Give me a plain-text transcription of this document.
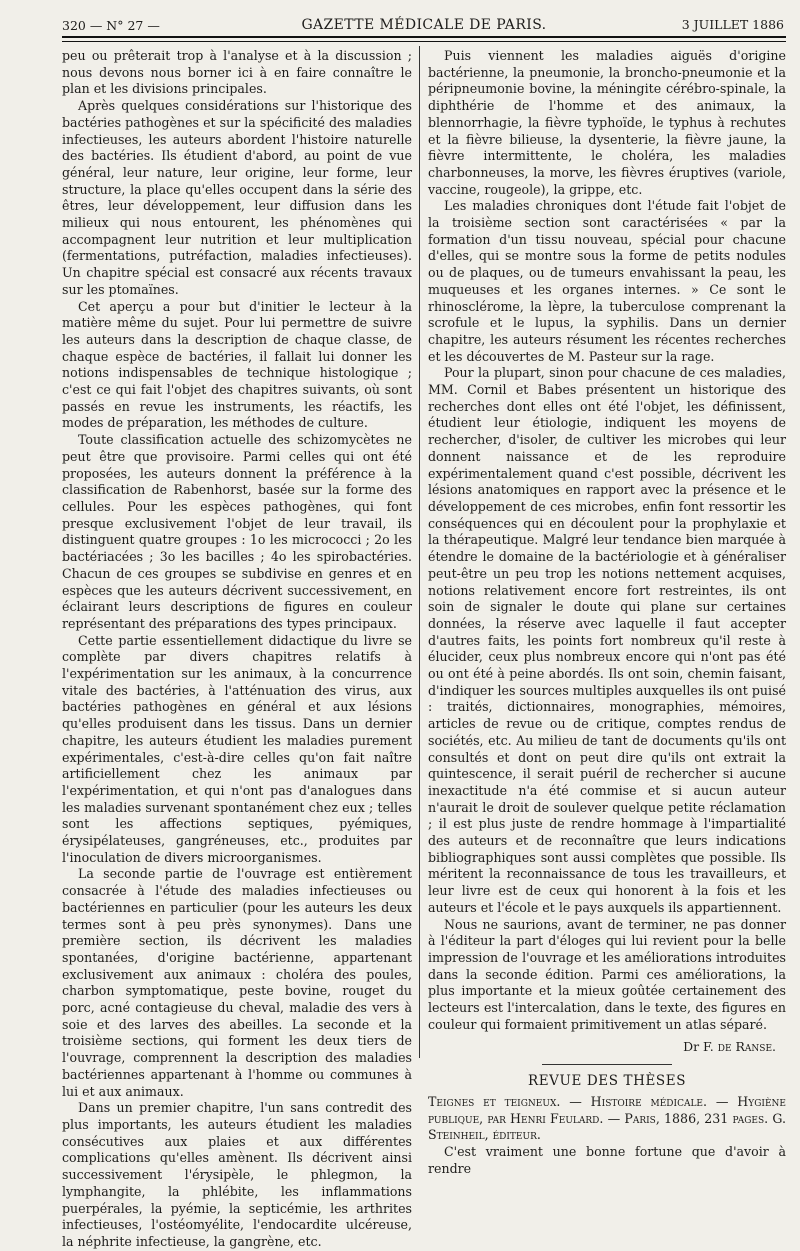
320 — N° 27 —	GAZETTE MÉDICALE DE PARIS.	3 JUILLET 1886

peu ou prêterait trop à l'analyse et à la discussion ; nous devons nous borner ici à en faire connaître le plan et les divisions principales.

Après quelques considérations sur l'historique des bactéries pathogènes et sur la spécificité des maladies infectieuses, les auteurs abordent l'histoire naturelle des bactéries. Ils étudient d'abord, au point de vue général, leur nature, leur origine, leur forme, leur structure, la place qu'elles occupent dans la série des êtres, leur développement, leur diffusion dans les milieux qui nous entourent, les phénomènes qui accompagnent leur nutrition et leur multiplication (fermentations, putréfaction, maladies infectieuses). Un chapitre spécial est consacré aux récents travaux sur les ptomaïnes.

Cet aperçu a pour but d'initier le lecteur à la matière même du sujet. Pour lui permettre de suivre les auteurs dans la description de chaque classe, de chaque espèce de bactéries, il fallait lui donner les notions indispensables de technique histologique ; c'est ce qui fait l'objet des chapitres suivants, où sont passés en revue les instruments, les réactifs, les modes de préparation, les méthodes de culture.

Toute classification actuelle des schizomycètes ne peut être que provisoire. Parmi celles qui ont été proposées, les auteurs donnent la préférence à la classification de Rabenhorst, basée sur la forme des cellules. Pour les espèces pathogènes, qui font presque exclusivement l'objet de leur travail, ils distinguent quatre groupes : 1o les micrococci ; 2o les bactériacées ; 3o les bacilles ; 4o les spirobactéries. Chacun de ces groupes se subdivise en genres et en espèces que les auteurs décrivent successivement, en éclairant leurs descriptions de figures en couleur représentant des préparations des types principaux.

Cette partie essentiellement didactique du livre se complète par divers chapitres relatifs à l'expérimentation sur les animaux, à la concurrence vitale des bactéries, à l'atténuation des virus, aux bactéries pathogènes en général et aux lésions qu'elles produisent dans les tissus. Dans un dernier chapitre, les auteurs étudient les maladies purement expérimentales, c'est-à-dire celles qu'on fait naître artificiellement chez les animaux par l'expérimentation, et qui n'ont pas d'analogues dans les maladies survenant spontanément chez eux ; telles sont les affections septiques, pyémiques, érysipélateuses, gangréneuses, etc., produites par l'inoculation de divers microorganismes.

La seconde partie de l'ouvrage est entièrement consacrée à l'étude des maladies infectieuses ou bactériennes en particulier (pour les auteurs les deux termes sont à peu près synonymes). Dans une première section, ils décrivent les maladies spontanées, d'origine bactérienne, appartenant exclusivement aux animaux : choléra des poules, charbon symptomatique, peste bovine, rouget du porc, acné contagieuse du cheval, maladie des vers à soie et des larves des abeilles. La seconde et la troisième sections, qui forment les deux tiers de l'ouvrage, comprennent la description des maladies bactériennes appartenant à l'homme ou communes à lui et aux animaux.

Dans un premier chapitre, l'un sans contredit des plus importants, les auteurs étudient les maladies consécutives aux plaies et aux différentes complications qu'elles amènent. Ils décrivent ainsi successivement l'érysipèle, le phlegmon, la lymphangite, la phlébite, les inflammations puerpérales, la pyémie, la septicémie, les arthrites infectieuses, l'ostéomyélite, l'endocardite ulcéreuse, la néphrite infectieuse, la gangrène, etc.

Puis viennent les maladies aiguës d'origine bactérienne, la pneumonie, la broncho-pneumonie et la péripneumonie bovine, la méningite cérébro-spinale, la diphthérie de l'homme et des animaux, la blennorrhagie, la fièvre typhoïde, le typhus à rechutes et la fièvre bilieuse, la dysenterie, la fièvre jaune, la fièvre intermittente, le choléra, les maladies charbonneuses, la morve, les fièvres éruptives (variole, vaccine, rougeole), la grippe, etc.

Les maladies chroniques dont l'étude fait l'objet de la troisième section sont caractérisées « par la formation d'un tissu nouveau, spécial pour chacune d'elles, qui se montre sous la forme de petits nodules ou de plaques, ou de tumeurs envahissant la peau, les muqueuses et les organes internes. » Ce sont le rhinosclérome, la lèpre, la tuberculose comprenant la scrofule et le lupus, la syphilis. Dans un dernier chapitre, les auteurs résument les récentes recherches et les découvertes de M. Pasteur sur la rage.

Pour la plupart, sinon pour chacune de ces maladies, MM. Cornil et Babes présentent un historique des recherches dont elles ont été l'objet, les définissent, étudient leur étiologie, indiquent les moyens de rechercher, d'isoler, de cultiver les microbes qui leur donnent naissance et de les reproduire expérimentalement quand c'est possible, décrivent les lésions anatomiques en rapport avec la présence et le développement de ces microbes, enfin font ressortir les conséquences qui en découlent pour la prophylaxie et la thérapeutique. Malgré leur tendance bien marquée à étendre le domaine de la bactériologie et à généraliser peut-être un peu trop les notions nettement acquises, notions relativement encore fort restreintes, ils ont soin de signaler le doute qui plane sur certaines données, la réserve avec laquelle il faut accepter d'autres faits, les points fort nombreux qu'il reste à élucider, ceux plus nombreux encore qui n'ont pas été ou ont été à peine abordés. Ils ont soin, chemin faisant, d'indiquer les sources multiples auxquelles ils ont puisé : traités, dictionnaires, monographies, mémoires, articles de revue ou de critique, comptes rendus de sociétés, etc. Au milieu de tant de documents qu'ils ont consultés et dont on peut dire qu'ils ont extrait la quintescence, il serait puéril de rechercher si aucune inexactitude n'a été commise et si aucun auteur n'aurait le droit de soulever quelque petite réclamation ; il est plus juste de rendre hommage à l'impartialité des auteurs et de reconnaître que leurs indications bibliographiques sont aussi complètes que possible. Ils méritent la reconnaissance de tous les travailleurs, et leur livre est de ceux qui honorent à la fois et les auteurs et l'école et le pays auxquels ils appartiennent.

Nous ne saurions, avant de terminer, ne pas donner à l'éditeur la part d'éloges qui lui revient pour la belle impression de l'ouvrage et les améliorations introduites dans la seconde édition. Parmi ces améliorations, la plus importante et la mieux goûtée certainement des lecteurs est l'intercalation, dans le texte, des figures en couleur qui formaient primitivement un atlas séparé.

Dr F. de Ranse.
REVUE DES THÈSES

Teignes et teigneux. — Histoire médicale. — Hygiène publique, par Henri Feulard. — Paris, 1886, 231 pages. G. Steinheil, éditeur.

C'est vraiment une bonne fortune que d'avoir à rendre
